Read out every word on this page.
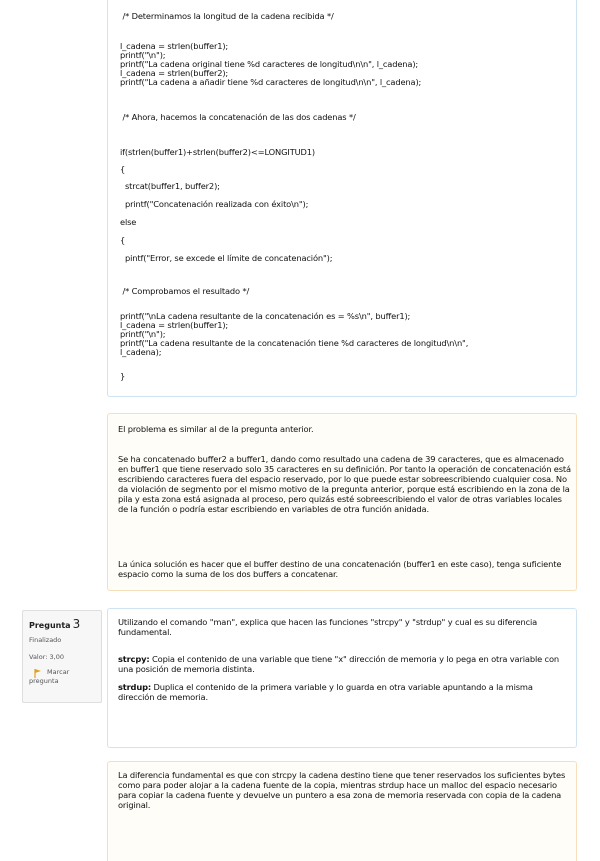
/* Determinamos la longitud de la cadena recibida */
l_cadena = strlen(buffer1);
printf("\n");
printf("La cadena original tiene %d caracteres de longitud\n\n", l_cadena);
l_cadena = strlen(buffer2);
printf("La cadena a añadir tiene %d caracteres de longitud\n\n", l_cadena);
/* Ahora, hacemos la concatenación de las dos cadenas */
if(strlen(buffer1)+strlen(buffer2)<=LONGITUD1)
{
strcat(buffer1, buffer2);
printf("Concatenación realizada con éxito\n");
else
{
pintf("Error, se excede el límite de concatenación");
/* Comprobamos el resultado */
printf("\nLa cadena resultante de la concatenación es = %s\n", buffer1);
l_cadena = strlen(buffer1);
printf("\n");
printf("La cadena resultante de la concatenación tiene %d caracteres de longitud\n\n",
l_cadena);
}
El problema es similar al de la pregunta anterior.
Se ha concatenado buffer2 a buffer1, dando como resultado una cadena de 39 caracteres, que es almacenado en buffer1 que tiene reservado solo 35 caracteres en su definición. Por tanto la operación de concatenación está escribiendo caracteres fuera del espacio reservado, por lo que puede estar sobreescribiendo cualquier cosa. No da violación de segmento por el mismo motivo de la pregunta anterior, porque está escribiendo en la zona de la pila y esta zona está asignada al proceso, pero quizás esté sobreescribiendo el valor de otras variables locales de la función o podría estar escribiendo en variables de otra función anidada.
La única solución es hacer que el buffer destino de una concatenación (buffer1 en este caso), tenga suficiente espacio como la suma de los dos buffers a concatenar.
Pregunta 3
Finalizado
Valor: 3,00
Marcar
pregunta
Utilizando el comando "man", explica que hacen las funciones "strcpy" y "strdup" y cual es su diferencia fundamental.
strcpy: Copia el contenido de una variable que tiene "x" dirección de memoria y lo pega en otra variable con una posición de memoria distinta.
strdup: Duplica el contenido de la primera variable y lo guarda en otra variable apuntando a la misma dirección de memoria.
La diferencia fundamental es que con strcpy la cadena destino tiene que tener reservados los suficientes bytes como para poder alojar a la cadena fuente de la copia, mientras strdup hace un malloc del espacio necesario para copiar la cadena fuente y devuelve un puntero a esa zona de memoria reservada con copia de la cadena original.
